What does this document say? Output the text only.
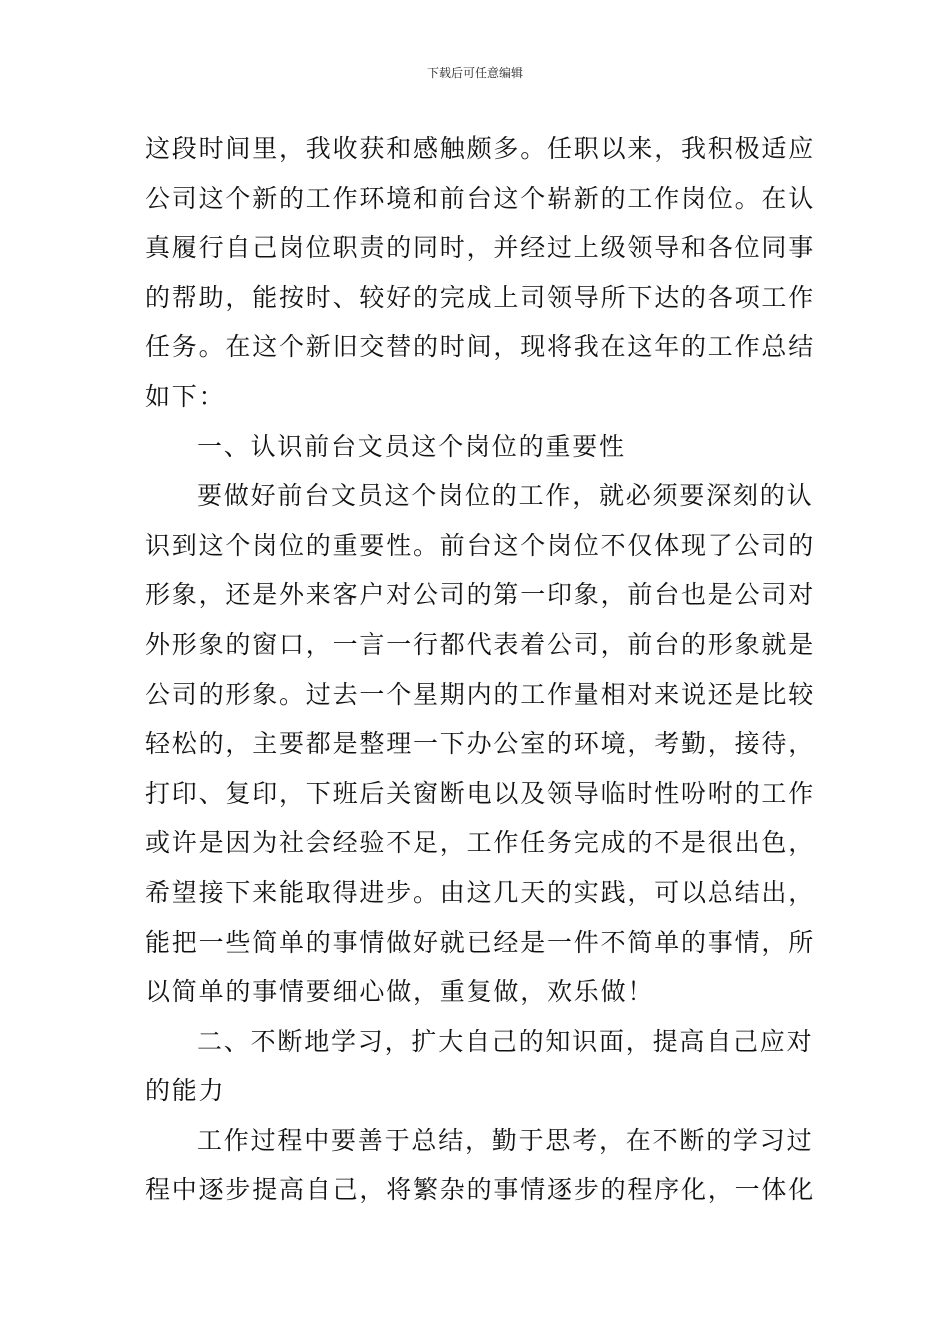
下载后可任意编辑
这段时间里，我收获和感触颇多。任职以来，我积极适应
公司这个新的工作环境和前台这个崭新的工作岗位。在认
真履行自己岗位职责的同时，并经过上级领导和各位同事
的帮助，能按时、较好的完成上司领导所下达的各项工作
任务。在这个新旧交替的时间，现将我在这年的工作总结
如下：
一、认识前台文员这个岗位的重要性
要做好前台文员这个岗位的工作，就必须要深刻的认
识到这个岗位的重要性。前台这个岗位不仅体现了公司的
形象，还是外来客户对公司的第一印象，前台也是公司对
外形象的窗口，一言一行都代表着公司，前台的形象就是
公司的形象。过去一个星期内的工作量相对来说还是比较
轻松的，主要都是整理一下办公室的环境，考勤，接待，
打印、复印，下班后关窗断电以及领导临时性吩咐的工作
或许是因为社会经验不足，工作任务完成的不是很出色，
希望接下来能取得进步。由这几天的实践，可以总结出，
能把一些简单的事情做好就已经是一件不简单的事情，所
以简单的事情要细心做，重复做，欢乐做！
二、不断地学习，扩大自己的知识面，提高自己应对
的能力
工作过程中要善于总结，勤于思考，在不断的学习过
程中逐步提高自己，将繁杂的事情逐步的程序化，一体化
